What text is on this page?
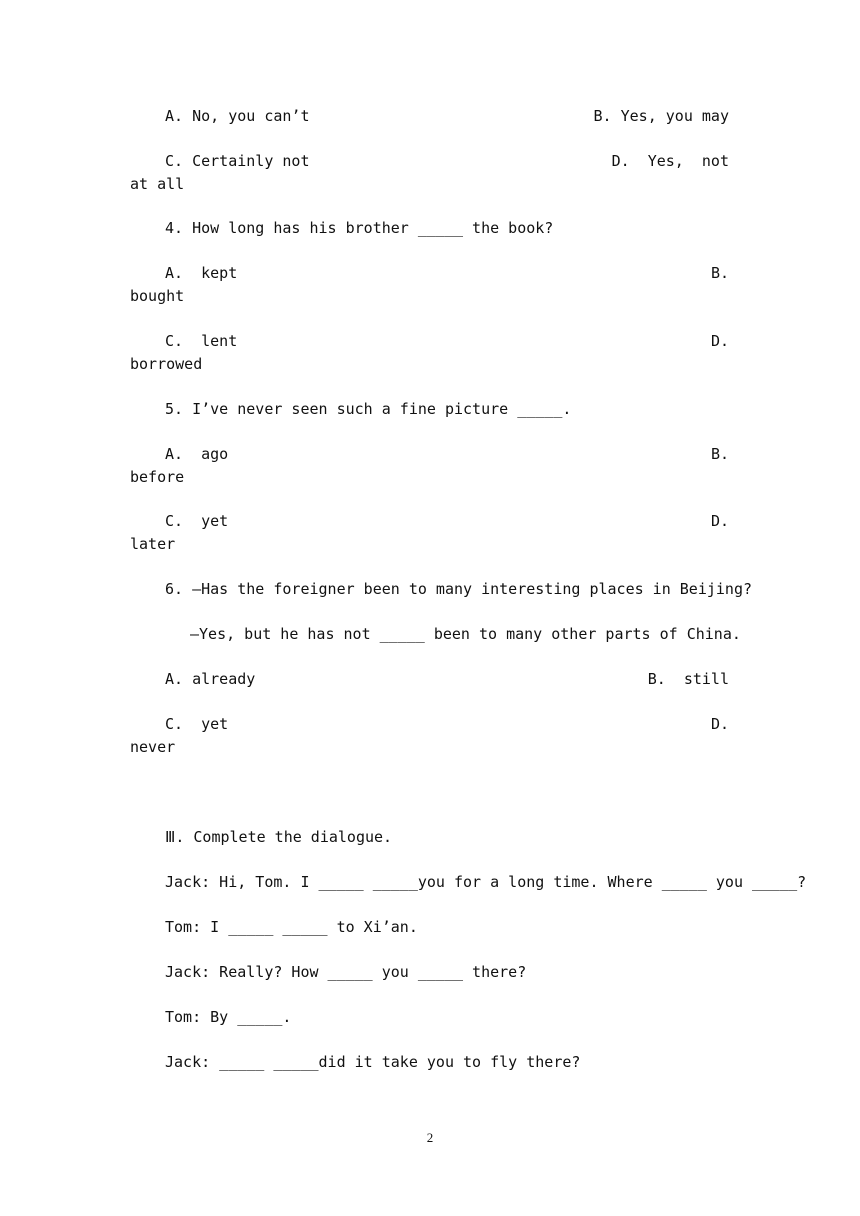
A. No, you can’t	B. Yes, you may
C. Certainly not	D.  Yes,  not
at all
4. How long has his brother _____ the book?
A.  kept	B.
bought
C.  lent	D.
borrowed
5. I’ve never seen such a fine picture _____.
A.  ago	B.
before
C.  yet	D.
later
6. —Has the foreigner been to many interesting places in Beijing?
—Yes, but he has not _____ been to many other parts of China.
A. already	B.  still
C.  yet	D.
never
Ⅲ. Complete the dialogue.
Jack: Hi, Tom. I _____ _____you for a long time. Where _____ you _____?
Tom: I _____ _____ to Xi’an.
Jack: Really? How _____ you _____ there?
Tom: By _____.
Jack: _____ _____did it take you to fly there?
2
